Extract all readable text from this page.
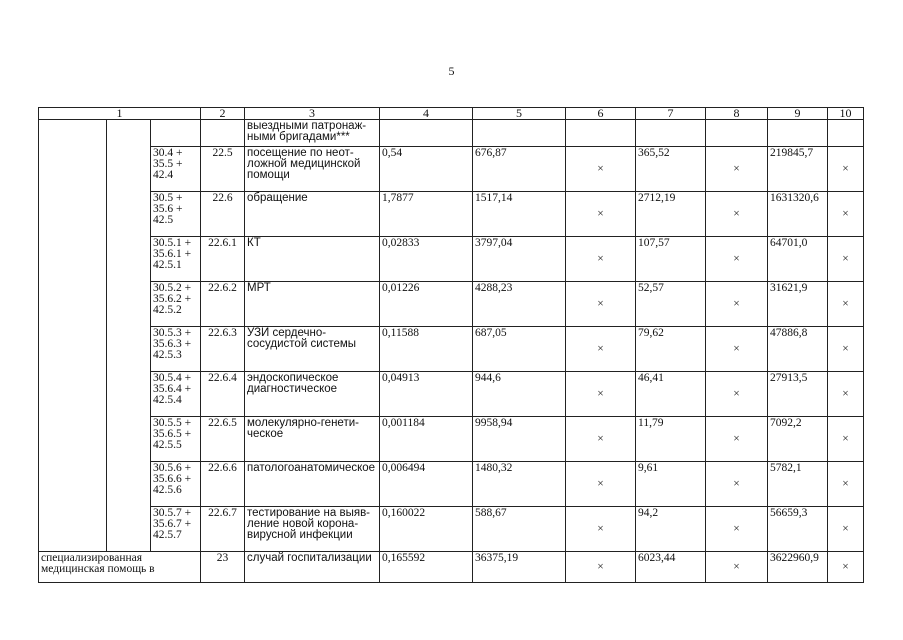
5
1			2	3	4	5	6	7	8	9	10
				выездными патронаж-ными бригадами***							
		30.4 + 35.5 + 42.4	22.5	посещение по неот-ложной медицинской помощи	0,54	676,87	×	365,52	×	219845,7	×
		30.5 + 35.6 + 42.5	22.6	обращение	1,7877	1517,14	×	2712,19	×	1631320,6	×
		30.5.1 + 35.6.1 + 42.5.1	22.6.1	КТ	0,02833	3797,04	×	107,57	×	64701,0	×
		30.5.2 + 35.6.2 + 42.5.2	22.6.2	МРТ	0,01226	4288,23	×	52,57	×	31621,9	×
		30.5.3 + 35.6.3 + 42.5.3	22.6.3	УЗИ сердечно-сосудистой системы	0,11588	687,05	×	79,62	×	47886,8	×
		30.5.4 + 35.6.4 + 42.5.4	22.6.4	эндоскопическое диагностическое	0,04913	944,6	×	46,41	×	27913,5	×
		30.5.5 + 35.6.5 + 42.5.5	22.6.5	молекулярно-генети-ческое	0,001184	9958,94	×	11,79	×	7092,2	×
		30.5.6 + 35.6.6 + 42.5.6	22.6.6	патологоанатомическое	0,006494	1480,32	×	9,61	×	5782,1	×
		30.5.7 + 35.6.7 + 42.5.7	22.6.7	тестирование на выяв-ление новой корона-вирусной инфекции	0,160022	588,67	×	94,2	×	56659,3	×
специализированная медицинская помощь в			23	случай госпитализации	0,165592	36375,19	×	6023,44	×	3622960,9	×
